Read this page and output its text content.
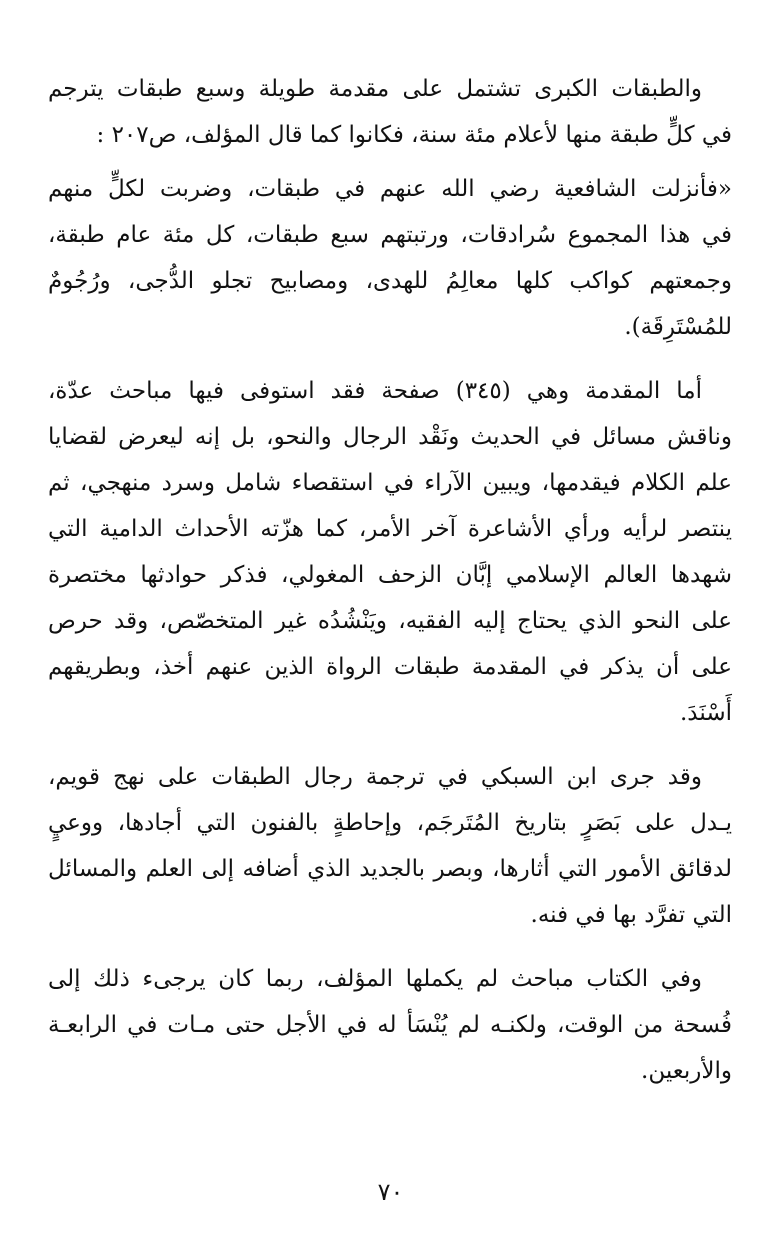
والطبقات الكبرى تشتمل على مقدمة طويلة وسبع طبقات يترجم
في كلٍّ طبقة منها لأعلام مئة سنة، فكانوا كما قال المؤلف، ص٢٠٧ :

«فأنزلت الشافعية رضي الله عنهم في طبقات، وضربت لكلٍّ منهم
في هذا المجموع سُرادقات، ورتبتهم سبع طبقات، كل مئة عام طبقة،
وجمعتهم كواكب كلها معالِمُ للهدى، ومصابيح تجلو الدُّجى، ورُجُومٌ
للمُسْتَرِقَة).

أما المقدمة وهي (٣٤٥) صفحة فقد استوفى فيها مباحث عدّة،
وناقش مسائل في الحديث ونَقْد الرجال والنحو، بل إنه ليعرض لقضايا
علم الكلام فيقدمها، ويبين الآراء في استقصاء شامل وسرد منهجي، ثم
ينتصر لرأيه ورأي الأشاعرة آخر الأمر، كما هزّته الأحداث الدامية التي
شهدها العالم الإسلامي إبَّان الزحف المغولي، فذكر حوادثها مختصرة
على النحو الذي يحتاج إليه الفقيه، ويَنْشُدُه غير المتخصّص، وقد حرص
على أن يذكر في المقدمة طبقات الرواة الذين عنهم أخذ، وبطريقهم
أَسْنَدَ.

وقد جرى ابن السبكي في ترجمة رجال الطبقات على نهج قويم،
يـدل على بَصَرٍ بتاريخ المُتَرجَم، وإحاطةٍ بالفنون التي أجادها، ووعيٍ
لدقائق الأمور التي أثارها، وبصر بالجديد الذي أضافه إلى العلم والمسائل
التي تفرَّد بها في فنه.

وفي الكتاب مباحث لم يكملها المؤلف، ربما كان يرجىء ذلك إلى
فُسحة من الوقت، ولكنـه لم يُنْسَأ له في الأجل حتى مـات في الرابعـة
والأربعين.

٧٠
